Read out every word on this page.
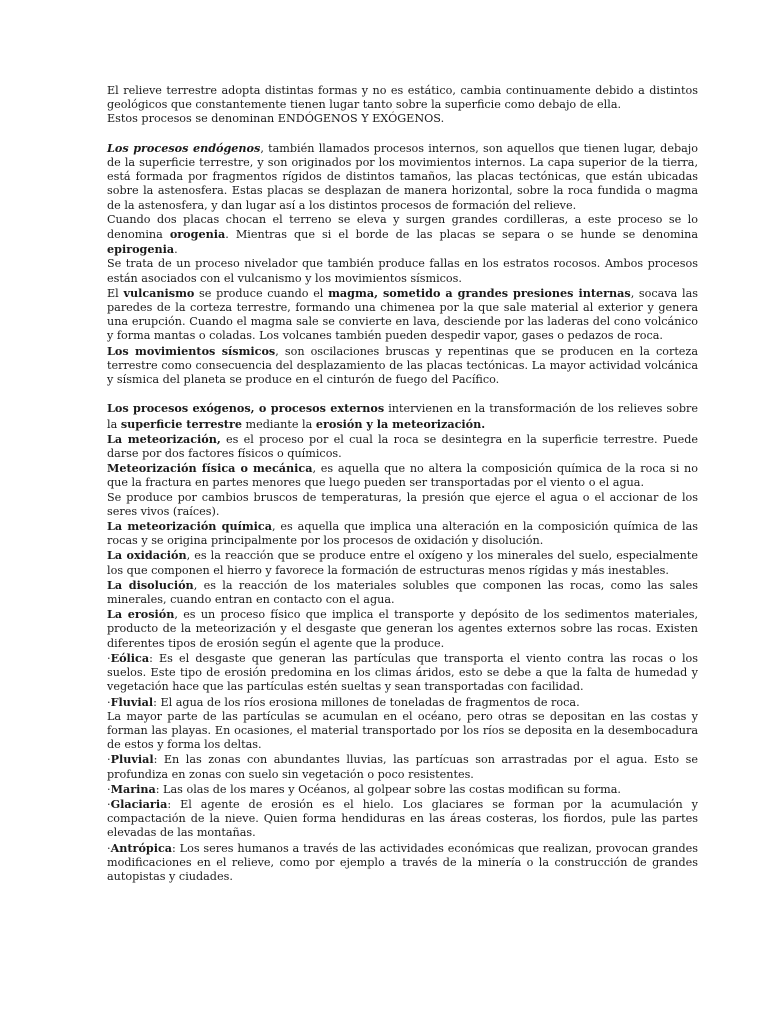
El relieve terrestre adopta distintas formas y no es estático, cambia continuamente debido a distintos geológicos que constantemente tienen lugar tanto sobre la superficie como debajo de ella.

Estos procesos se denominan ENDÓGENOS Y EXÓGENOS.

Los procesos endógenos, también llamados procesos internos, son aquellos que tienen lugar, debajo de la superficie terrestre, y son originados por los movimientos internos. La capa superior de la tierra, está formada por fragmentos rígidos de distintos tamaños, las placas tectónicas, que están ubicadas sobre la astenosfera. Estas placas se desplazan de manera horizontal, sobre la roca fundida o magma de la astenosfera, y dan lugar así a los distintos procesos de formación del relieve.

Cuando dos placas chocan el terreno se eleva y surgen grandes cordilleras, a este proceso se lo denomina orogenia. Mientras que si el borde de las placas se separa o se hunde se denomina epirogenia.

Se trata de un proceso nivelador que también produce fallas en los estratos rocosos. Ambos procesos están asociados con el vulcanismo y los movimientos sísmicos.

El vulcanismo se produce cuando el magma, sometido a grandes presiones internas, socava las paredes de la corteza terrestre, formando una chimenea por la que sale material al exterior y genera una erupción. Cuando el magma sale se convierte en lava, desciende por las laderas del cono volcánico y forma mantas o coladas. Los volcanes también pueden despedir vapor, gases o pedazos de roca.

Los movimientos sísmicos, son oscilaciones bruscas y repentinas que se producen en la corteza terrestre como consecuencia del desplazamiento de las placas tectónicas. La mayor actividad volcánica y sísmica del planeta se produce en el cinturón de fuego del Pacífico.

Los procesos exógenos, o procesos externos intervienen en la transformación de los relieves sobre la superficie terrestre mediante la erosión y la meteorización.

La meteorización, es el proceso por el cual la roca se desintegra en la superficie terrestre. Puede darse por dos factores físicos o químicos.

Meteorización física o mecánica, es aquella que no altera la composición química de la roca si no que la fractura en partes menores que luego pueden ser transportadas por el viento o el agua.

Se produce por cambios bruscos de temperaturas, la presión que ejerce el agua o el accionar de los seres vivos (raíces).

La meteorización química, es aquella que implica una alteración en la composición química de las rocas y se origina principalmente por los procesos de oxidación y disolución.

La oxidación, es la reacción que se produce entre el oxígeno y los minerales del suelo, especialmente los que componen el hierro y favorece la formación de estructuras menos rígidas y más inestables.

La disolución, es la reacción de los materiales solubles que componen las rocas, como las sales minerales, cuando entran en contacto con el agua.

La erosión, es un proceso físico que implica el transporte y depósito de los sedimentos materiales, producto de la meteorización y el desgaste que generan los agentes externos sobre las rocas. Existen diferentes tipos de erosión según el agente que la produce.

·Eólica: Es el desgaste que generan las partículas que transporta el viento contra las rocas o los suelos. Este tipo de erosión predomina en los climas áridos, esto se debe a que la falta de humedad y vegetación hace que las partículas estén sueltas y sean transportadas con facilidad.

·Fluvial: El agua de los ríos erosiona millones de toneladas de fragmentos de roca.

La mayor parte de las partículas se acumulan en el océano, pero otras se depositan en las costas y forman las playas. En ocasiones, el material transportado por los ríos se deposita en la desembocadura de estos y forma los deltas.

·Pluvial: En las zonas con abundantes lluvias, las partícuas son arrastradas por el agua. Esto se profundiza en zonas con suelo sin vegetación o poco resistentes.

·Marina: Las olas de los mares y Océanos, al golpear sobre las costas modifican su forma.

·Glaciaria: El agente de erosión es el hielo. Los glaciares se forman por la acumulación y compactación de la nieve. Quien forma hendiduras en las áreas costeras, los fiordos, pule las partes elevadas de las montañas.

·Antrópica: Los seres humanos a través de las actividades económicas que realizan, provocan grandes modificaciones en el relieve, como por ejemplo a través de la minería o la construcción de grandes autopistas y ciudades.
